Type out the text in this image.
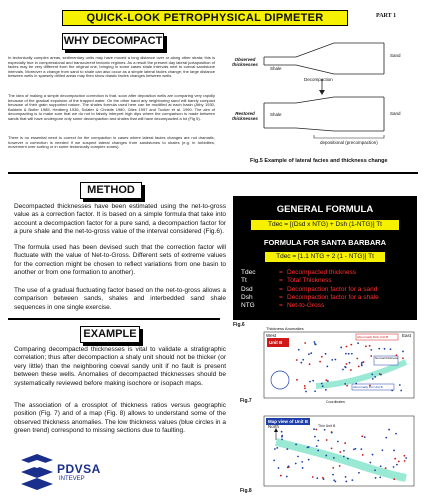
QUICK-LOOK PETROPHYSICAL DIPMETER	PART 1
WHY DECOMPACT
In tectonically complex areas, sedimentary units may have moved a long distance over or along other strata; this is especially true in compressional and transcurrent tectonic regimes. As a result the present day lateral juxtaposition of facies may be very different from the original one, bringing in some cases shale intervals next to coeval sandstone intervals. Moreover a change from sand to shale can also occur as a simple lateral facies change; the large distance between wells in sparsely drilled areas may then show drastic facies changes between wells.
The idea of making a simple decompaction correction is that, soon after deposition wells are comparing very rapidly because of the gradual expulsion of the trapped water. On the other hand any neighboring sand will barely compact because of their grain supported nature. The shales formula used here can be modified at each basin (Athy 1930, Baldwin & Butler 1985, Hedberg 1936, Sclater & Christie 1980, Giles 1997 and Tucker et al. 1990. The aim of decompacting is to make sure that we do not to falsely interpret high dips where the comparison is made between sands that will have undergone only some decompaction and shales that will have decompacted a lot (Fig 5).
There is no essential need to correct for the compaction in cases where lateral facies changes are not dramatic, however a correction is needed if we suspect lateral changes from sandstones to shales (e.g. in turbidites, movement over sorting or in some tectonically complex zones).
Observed thicknesses
Shale
Sand
Decompaction
Restored thicknesses
Shale	Sand
depositional (precompaction)
Fig.5 Example of lateral facies and thickness change
METHOD
Decompacted thicknesses have been estimated using the net-to-gross value as a correction factor. It is based on a simple formula that take into account a decompaction factor for a pure sand, a decompaction factor for a pure shale and the net-to-gross value of the interval considered (Fig.6).
The formula used has been devised such that the correction factor will fluctuate with the value of Net-to-Gross. Different sets of extreme values for the correction might be chosen to reflect variations from one basin to another or from one formation to another).
The use of a gradual fluctuating factor based on the net-to-gross allows a comparison between sands, shales and interbedded sand shale sequences in one single exercise.
GENERAL FORMULA
Tdec = [(Dsd x NTG) + Dsh (1-NTG)] Tt
FORMULA FOR SANTA BARBARA
Tdec = [1.1 NTG + 2 (1 - NTG)] Tt
Tdec	= Decompacted thickness
Tt	= Total Thickness
Dsd	= Decompaction factor for a sand
Dsh	= Decompaction factor for a shale
NTG	= Net-to-Gross
Fig.6
EXAMPLE
Comparing decompacted thicknesses is vital to validate a stratigraphic correlation; thus after decompaction a shaly unit should not be thicker (or very little) than the neighboring coeval sandy unit if no fault is present between these wells. Anomalies of decompacted thicknesses should be systematically reviewed before making isochore or isopach maps.
The association of a crossplot of thickness ratios versus geographic position (Fig. 7) and of a map (Fig. 8) allows to understand some of the observed thickness anomalies. The low thickness values (blue circles in a green trend) correspond to missing sections due to faulting.
Thickness Anomalies
West	East
Unit B
Abnormally thick Unit B
Normal thickness
Abnormally thin Unit B
Coordinates
Fig.7
Map view of Unit B
North	Thin Unit B
Fig.8
PDVSA
INTEVEP
